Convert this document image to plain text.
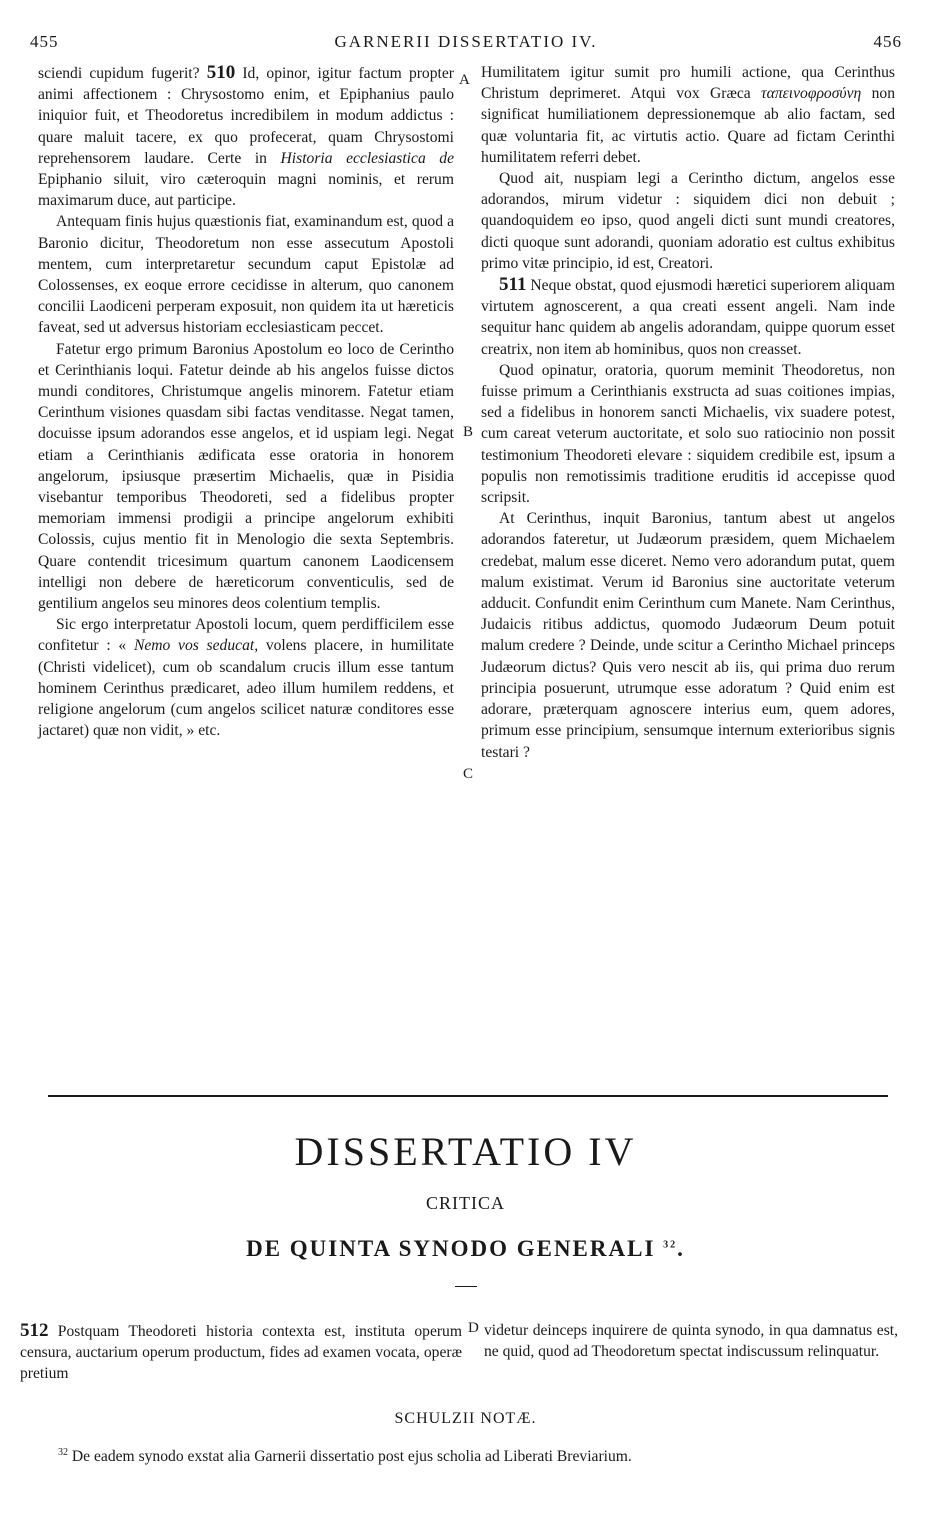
455	GARNERII DISSERTATIO IV.	456

sciendi cupidum fugerit? 510 Id, opinor, igitur factum propter animi affectionem : Chrysostomo enim, et Epiphanius paulo iniquior fuit, et Theodoretus incredibilem in modum addictus : quare maluit tacere, ex quo profecerat, quam Chrysostomi reprehensorem laudare. Certe in Historia ecclesiastica de Epiphanio siluit, viro cæteroquin magni nominis, et rerum maximarum duce, aut participe.

Antequam finis hujus quæstionis fiat, examinandum est, quod a Baronio dicitur, Theodoretum non esse assecutum Apostoli mentem, cum interpretaretur secundum caput Epistolæ ad Colossenses, ex eoque errore cecidisse in alterum, quo canonem concilii Laodiceni perperam exposuit, non quidem ita ut hæreticis faveat, sed ut adversus historiam ecclesiasticam peccet.

Fatetur ergo primum Baronius Apostolum eo loco de Cerintho et Cerinthianis loqui. Fatetur deinde ab his angelos fuisse dictos mundi conditores, Christumque angelis minorem. Fatetur etiam Cerinthum visiones quasdam sibi factas venditasse. Negat tamen, docuisse ipsum adorandos esse angelos, et id uspiam legi. Negat etiam a Cerinthianis ædificata esse oratoria in honorem angelorum, ipsiusque præsertim Michaelis, quæ in Pisidia visebantur temporibus Theodoreti, sed a fidelibus propter memoriam immensi prodigii a principe angelorum exhibiti Colossis, cujus mentio fit in Menologio die sexta Septembris. Quare contendit tricesimum quartum canonem Laodicensem intelligi non debere de hæreticorum conventiculis, sed de gentilium angelos seu minores deos colentium templis.

Sic ergo interpretatur Apostoli locum, quem perdifficilem esse confitetur : « Nemo vos seducat, volens placere, in humilitate (Christi videlicet), cum ob scandalum crucis illum esse tantum hominem Cerinthus prædicaret, adeo illum humilem reddens, et religione angelorum (cum angelos scilicet naturæ conditores esse jactaret) quæ non vidit, » etc.

A
B
C
D

Humilitatem igitur sumit pro humili actione, qua Cerinthus Christum deprimeret. Atqui vox Græca ταπεινοφροσύνη non significat humiliationem depressionemque ab alio factam, sed quæ voluntaria fit, ac virtutis actio. Quare ad fictam Cerinthi humilitatem referri debet.

Quod ait, nuspiam legi a Cerintho dictum, angelos esse adorandos, mirum videtur : siquidem dici non debuit ; quandoquidem eo ipso, quod angeli dicti sunt mundi creatores, dicti quoque sunt adorandi, quoniam adoratio est cultus exhibitus primo vitæ principio, id est, Creatori.

511 Neque obstat, quod ejusmodi hæretici superiorem aliquam virtutem agnoscerent, a qua creati essent angeli. Nam inde sequitur hanc quidem ab angelis adorandam, quippe quorum esset creatrix, non item ab hominibus, quos non creasset.

Quod opinatur, oratoria, quorum meminit Theodoretus, non fuisse primum a Cerinthianis exstructa ad suas coitiones impias, sed a fidelibus in honorem sancti Michaelis, vix suadere potest, cum careat veterum auctoritate, et solo suo ratiocinio non possit testimonium Theodoreti elevare : siquidem credibile est, ipsum a populis non remotissimis traditione eruditis id accepisse quod scripsit.

At Cerinthus, inquit Baronius, tantum abest ut angelos adorandos fateretur, ut Judæorum præsidem, quem Michaelem credebat, malum esse diceret. Nemo vero adorandum putat, quem malum existimat. Verum id Baronius sine auctoritate veterum adducit. Confundit enim Cerinthum cum Manete. Nam Cerinthus, Judaicis ritibus addictus, quomodo Judæorum Deum potuit malum credere ? Deinde, unde scitur a Cerintho Michael princeps Judæorum dictus? Quis vero nescit ab iis, qui prima duo rerum principia posuerunt, utrumque esse adoratum ? Quid enim est adorare, præterquam agnoscere interius eum, quem adores, primum esse principium, sensumque internum exterioribus signis testari ?

DISSERTATIO IV
CRITICA
DE QUINTA SYNODO GENERALI $^{32}$.

512 Postquam Theodoreti historia contexta est, instituta operum censura, auctarium operum productum, fides ad examen vocata, operæ pretium

videtur deinceps inquirere de quinta synodo, in qua damnatus est, ne quid, quod ad Theodoretum spectat indiscussum relinquatur.

SCHULZII NOTÆ.
$^{32}$ De eadem synodo exstat alia Garnerii dissertatio post ejus scholia ad Liberati Breviarium.
